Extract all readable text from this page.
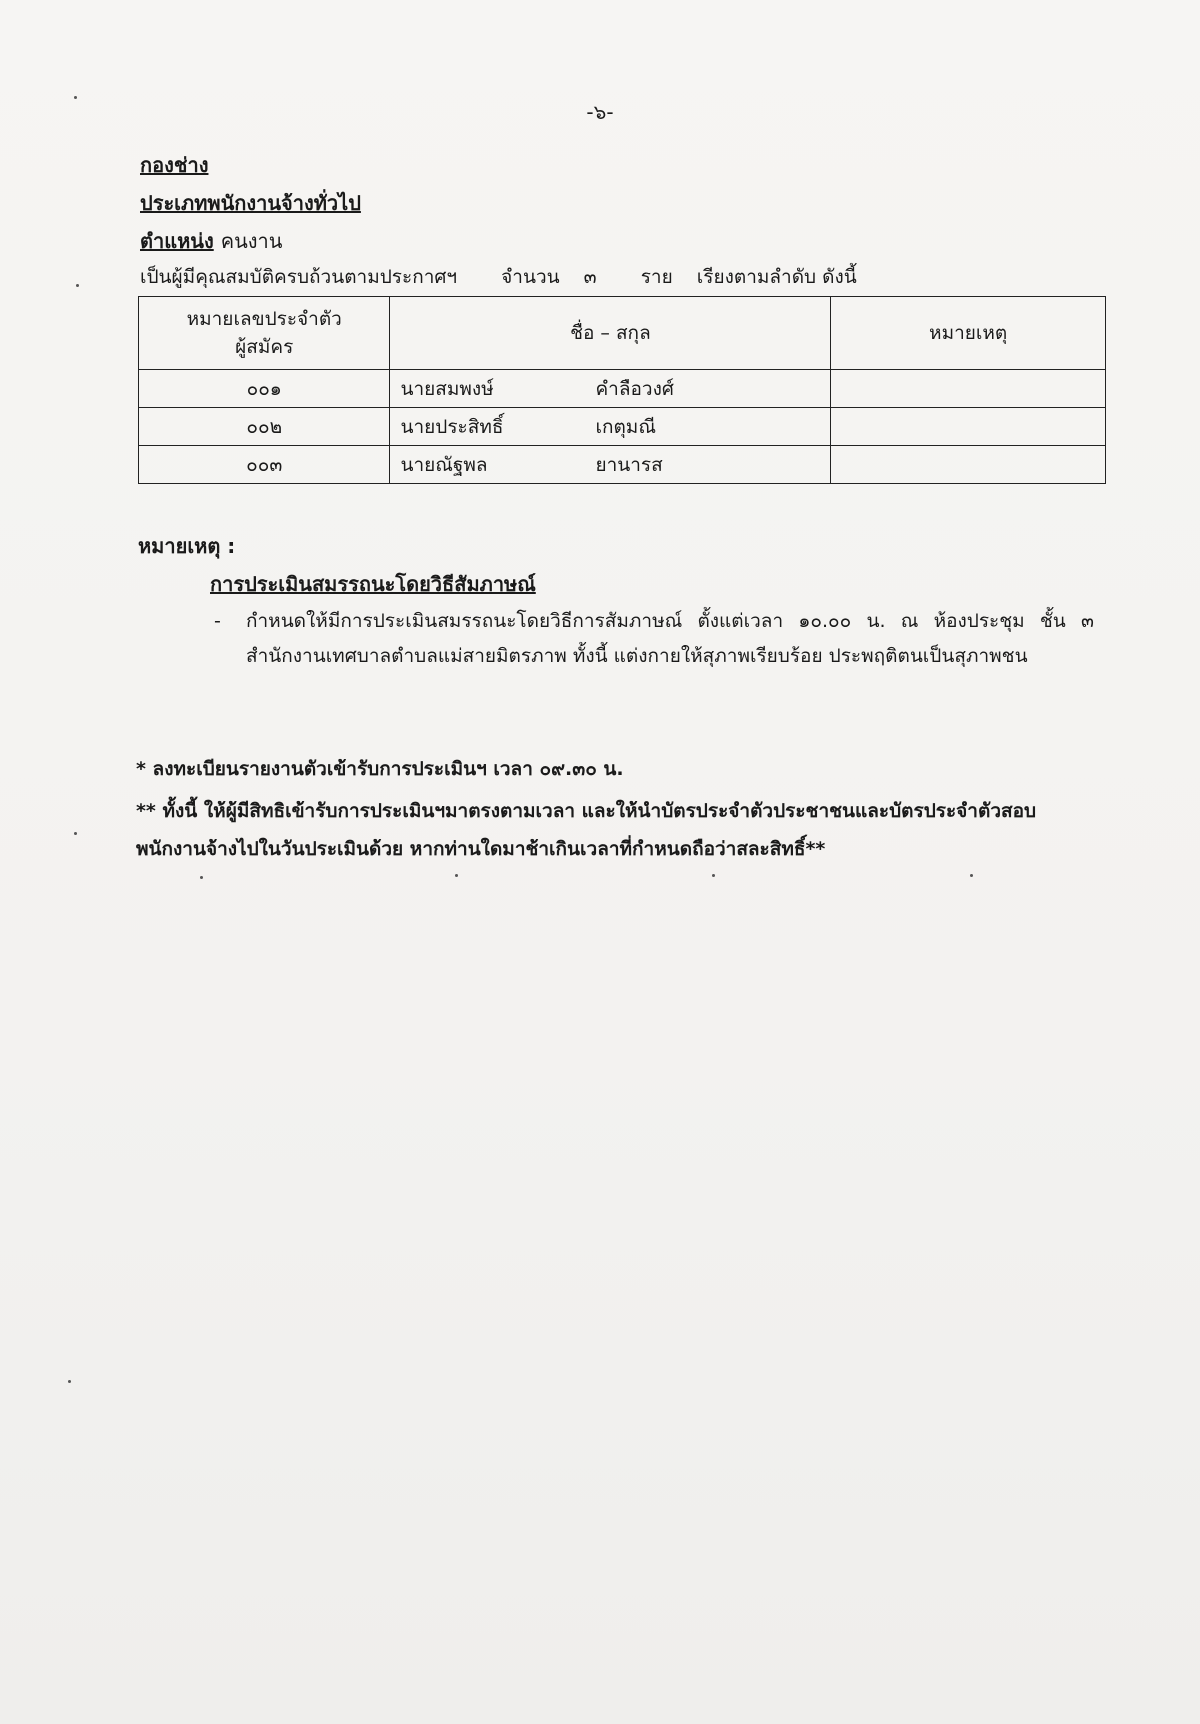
-๖-
กองช่าง
ประเภทพนักงานจ้างทั่วไป
ตำแหน่ง คนงาน
เป็นผู้มีคุณสมบัติครบถ้วนตามประกาศฯ จำนวน ๓ ราย เรียงตามลำดับ ดังนี้
หมายเลขประจำตัว
ผู้สมัคร	ชื่อ – สกุล	หมายเหตุ
๐๐๑	นายสมพงษ์ คำลือวงศ์	
๐๐๒	นายประสิทธิ์ เกตุมณี	
๐๐๓	นายณัฐพล ยานารส	
หมายเหตุ :
การประเมินสมรรถนะโดยวิธีสัมภาษณ์
- กำหนดให้มีการประเมินสมรรถนะโดยวิธีการสัมภาษณ์ ตั้งแต่เวลา ๑๐.๐๐ น. ณ ห้องประชุม ชั้น ๓ สำนักงานเทศบาลตำบลแม่สายมิตรภาพ ทั้งนี้ แต่งกายให้สุภาพเรียบร้อย ประพฤติตนเป็นสุภาพชน
* ลงทะเบียนรายงานตัวเข้ารับการประเมินฯ เวลา ๐๙.๓๐ น.
** ทั้งนี้ ให้ผู้มีสิทธิเข้ารับการประเมินฯมาตรงตามเวลา และให้นำบัตรประจำตัวประชาชนและบัตรประจำตัวสอบพนักงานจ้างไปในวันประเมินด้วย หากท่านใดมาช้าเกินเวลาที่กำหนดถือว่าสละสิทธิ์**
